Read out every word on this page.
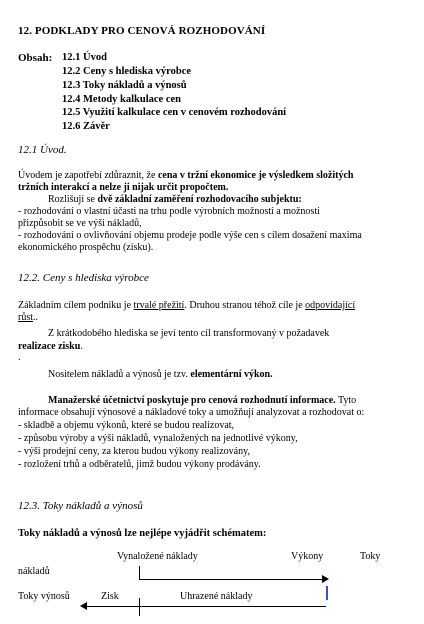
12. PODKLADY PRO CENOVÁ ROZHODOVÁNÍ
Obsah: 12.1 Úvod
12.2 Ceny s hlediska výrobce
12.3 Toky nákladů a výnosů
12.4 Metody kalkulace cen
12.5 Využití kalkulace cen v cenovém rozhodování
12.6 Závěr
12.1 Úvod.
Úvodem je zapotřebí zdůraznit, že cena v tržní ekonomice je výsledkem složitých
tržních interakcí a nelze ji nijak určit propočtem.
Rozlišují se dvě základní zaměření rozhodovacího subjektu:
- rozhodování o vlastní účasti na trhu podle výrobních možností a možnosti
přizpůsobit se ve výši nákladů,
- rozhodování o ovlivňování objemu prodeje podle výše cen s cílem dosažení maxima
ekonomického prospěchu (zisku).
12.2. Ceny s hlediska výrobce
Základním cílem podniku je trvalé přežití. Druhou stranou téhož cíle je odpovídající
růst..
Z krátkodobého hlediska se jeví tento cíl transformovaný v požadavek
realizace zisku.
.
Nositelem nákladů a výnosů je tzv. elementární výkon.
Manažerské účetnictví poskytuje pro cenová rozhodnutí informace. Tyto
informace obsahují výnosové a nákladové toky a umožňují analyzovat a rozhodovat o:
- skladbě a objemu výkonů, které se budou realizovat,
- způsobu výroby a výši nákladů, vynaložených na jednotlivé výkony,
- výši prodejní ceny, za kterou budou výkony realizovány,
- rozložení trhů a odběratelů, jimž budou výkony prodávány.
12.3. Toky nákladů a výnosů
Toky nákladů a výnosů lze nejlépe vyjádřit schématem:
Vynaložené náklady	Výkony	Toky
nákladů
Toky výnosů	Zisk	Uhrazené náklady
